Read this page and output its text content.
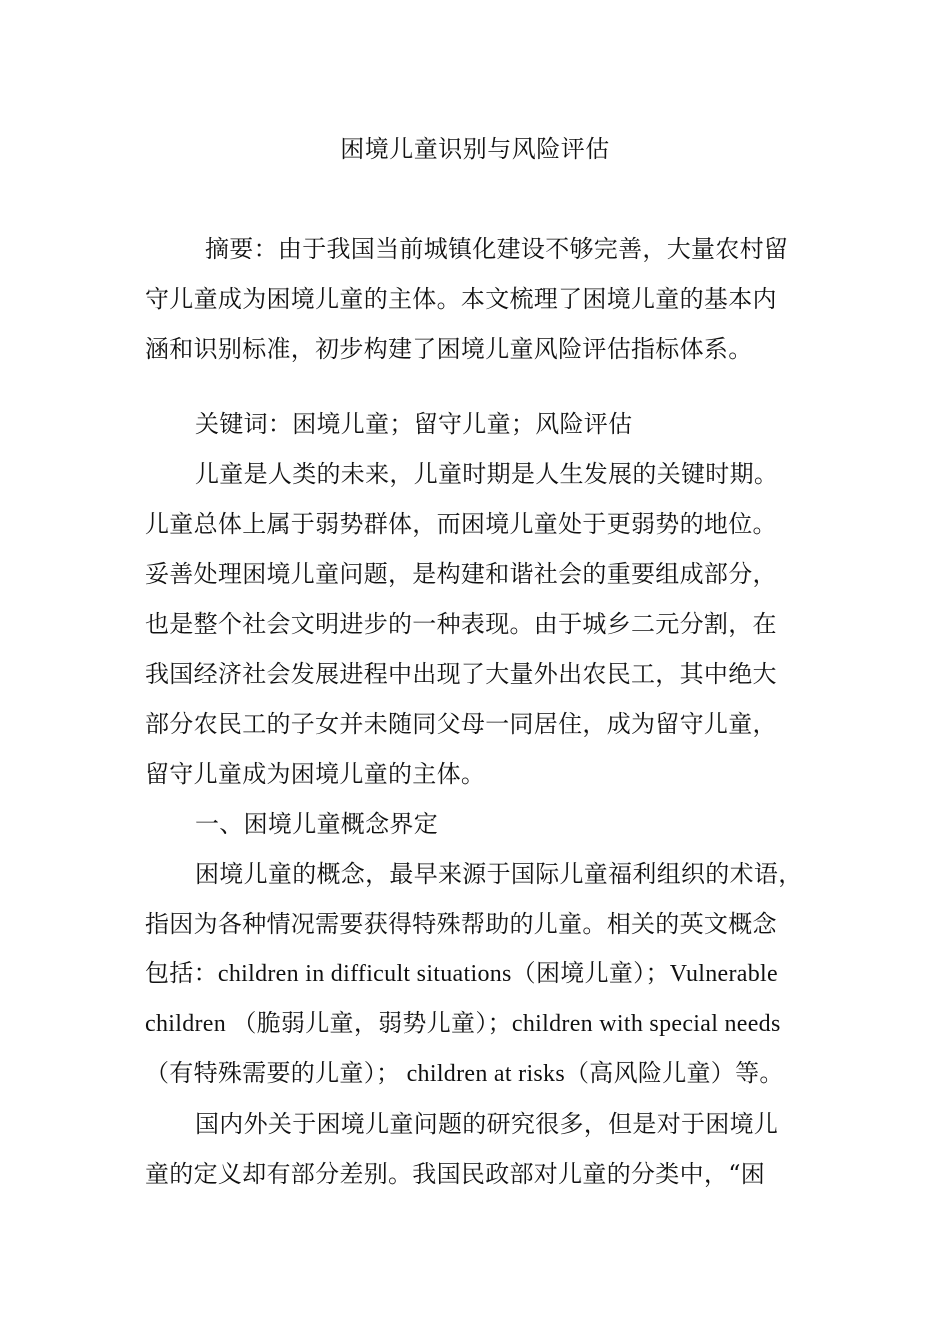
困境儿童识别与风险评估
摘要：由于我国当前城镇化建设不够完善，大量农村留
守儿童成为困境儿童的主体。本文梳理了困境儿童的基本内
涵和识别标准，初步构建了困境儿童风险评估指标体系。
关键词：困境儿童；留守儿童；风险评估
儿童是人类的未来，儿童时期是人生发展的关键时期。
儿童总体上属于弱势群体，而困境儿童处于更弱势的地位。
妥善处理困境儿童问题，是构建和谐社会的重要组成部分，
也是整个社会文明进步的一种表现。由于城乡二元分割，在
我国经济社会发展进程中出现了大量外出农民工，其中绝大
部分农民工的子女并未随同父母一同居住，成为留守儿童，
留守儿童成为困境儿童的主体。
一、困境儿童概念界定
困境儿童的概念，最早来源于国际儿童福利组织的术语，
指因为各种情况需要获得特殊帮助的儿童。相关的英文概念
包括：children in difficult situations（困境儿童）；Vulnerable
children （脆弱儿童，弱势儿童）；children with special needs
（有特殊需要的儿童）； children at risks（高风险儿童）等。
国内外关于困境儿童问题的研究很多，但是对于困境儿
童的定义却有部分差别。我国民政部对儿童的分类中，“困
